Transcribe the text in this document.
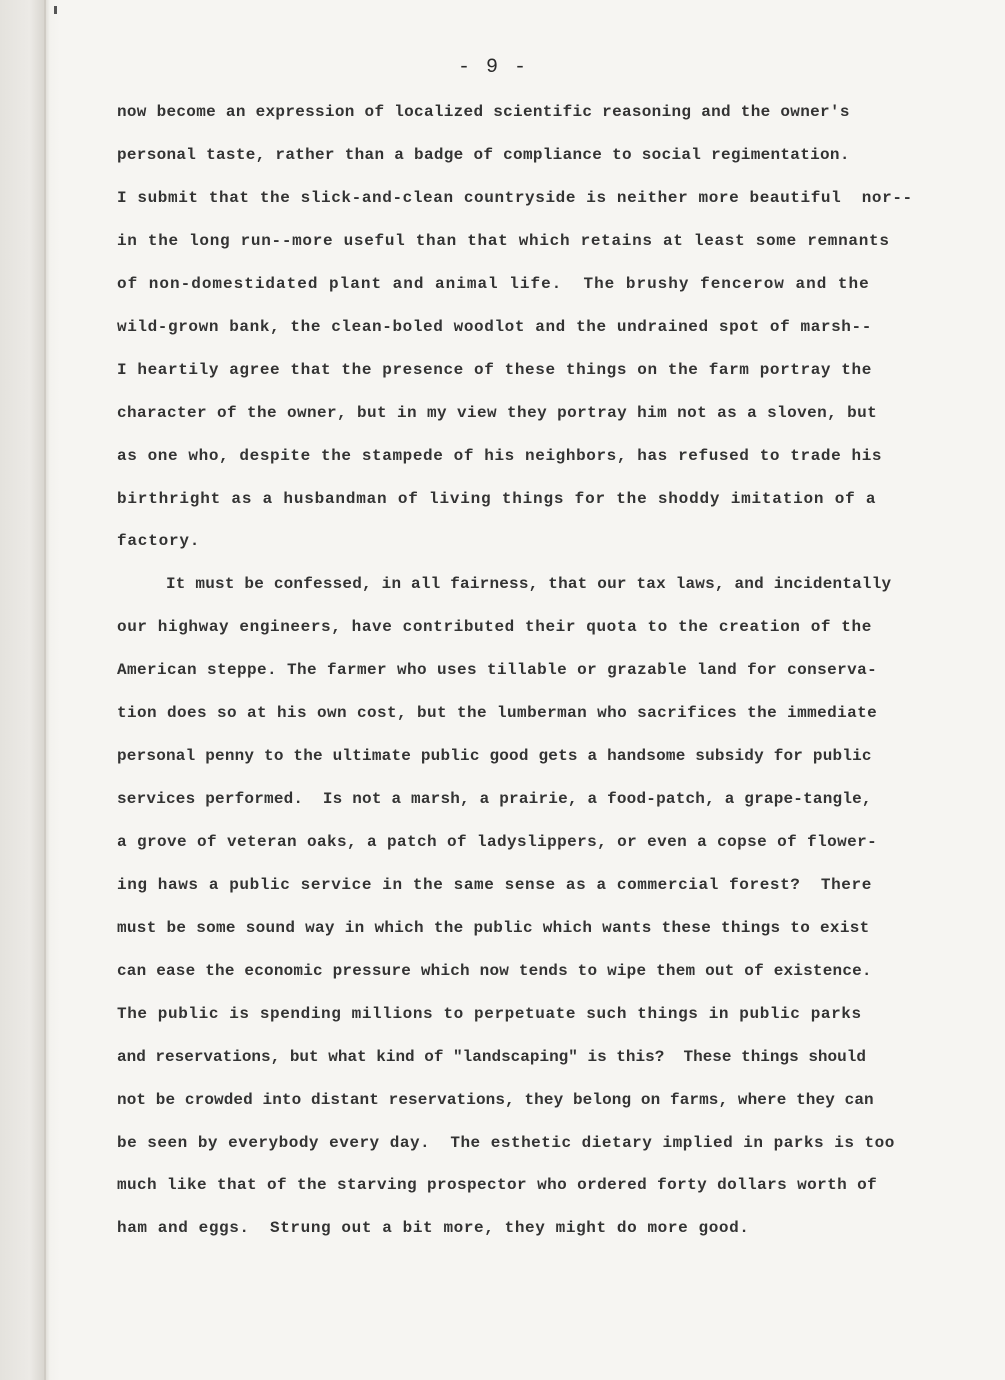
- 9 -
now become an expression of localized scientific reasoning and the owner's
personal taste, rather than a badge of compliance to social regimentation.
I submit that the slick-and-clean countryside is neither more beautiful  nor--
in the long run--more useful than that which retains at least some remnants
of non-domestidated plant and animal life.  The brushy fencerow and the
wild-grown bank, the clean-boled woodlot and the undrained spot of marsh--
I heartily agree that the presence of these things on the farm portray the
character of the owner, but in my view they portray him not as a sloven, but
as one who, despite the stampede of his neighbors, has refused to trade his
birthright as a husbandman of living things for the shoddy imitation of a
factory.
It must be confessed, in all fairness, that our tax laws, and incidentally
our highway engineers, have contributed their quota to the creation of the
American steppe. The farmer who uses tillable or grazable land for conserva-
tion does so at his own cost, but the lumberman who sacrifices the immediate
personal penny to the ultimate public good gets a handsome subsidy for public
services performed.  Is not a marsh, a prairie, a food-patch, a grape-tangle,
a grove of veteran oaks, a patch of ladyslippers, or even a copse of flower-
ing haws a public service in the same sense as a commercial forest?  There
must be some sound way in which the public which wants these things to exist
can ease the economic pressure which now tends to wipe them out of existence.
The public is spending millions to perpetuate such things in public parks
and reservations, but what kind of "landscaping" is this?  These things should
not be crowded into distant reservations, they belong on farms, where they can
be seen by everybody every day.  The esthetic dietary implied in parks is too
much like that of the starving prospector who ordered forty dollars worth of
ham and eggs.  Strung out a bit more, they might do more good.
